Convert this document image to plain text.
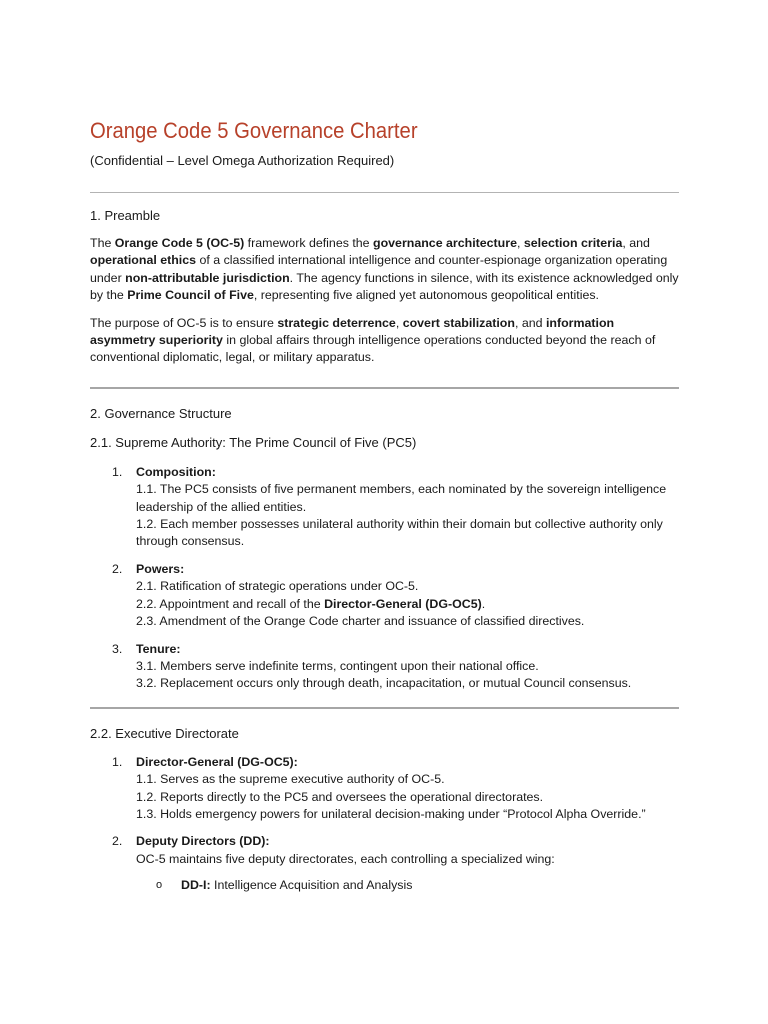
Orange Code 5 Governance Charter
(Confidential – Level Omega Authorization Required)
1. Preamble
The Orange Code 5 (OC-5) framework defines the governance architecture, selection criteria, and operational ethics of a classified international intelligence and counter-espionage organization operating under non-attributable jurisdiction. The agency functions in silence, with its existence acknowledged only by the Prime Council of Five, representing five aligned yet autonomous geopolitical entities.
The purpose of OC-5 is to ensure strategic deterrence, covert stabilization, and information asymmetry superiority in global affairs through intelligence operations conducted beyond the reach of conventional diplomatic, legal, or military apparatus.
2. Governance Structure
2.1. Supreme Authority: The Prime Council of Five (PC5)
1. Composition:
1.1. The PC5 consists of five permanent members, each nominated by the sovereign intelligence leadership of the allied entities.
1.2. Each member possesses unilateral authority within their domain but collective authority only through consensus.
2. Powers:
2.1. Ratification of strategic operations under OC-5.
2.2. Appointment and recall of the Director-General (DG-OC5).
2.3. Amendment of the Orange Code charter and issuance of classified directives.
3. Tenure:
3.1. Members serve indefinite terms, contingent upon their national office.
3.2. Replacement occurs only through death, incapacitation, or mutual Council consensus.
2.2. Executive Directorate
1. Director-General (DG-OC5):
1.1. Serves as the supreme executive authority of OC-5.
1.2. Reports directly to the PC5 and oversees the operational directorates.
1.3. Holds emergency powers for unilateral decision-making under “Protocol Alpha Override.”
2. Deputy Directors (DD):
OC-5 maintains five deputy directorates, each controlling a specialized wing:
o DD-I: Intelligence Acquisition and Analysis
